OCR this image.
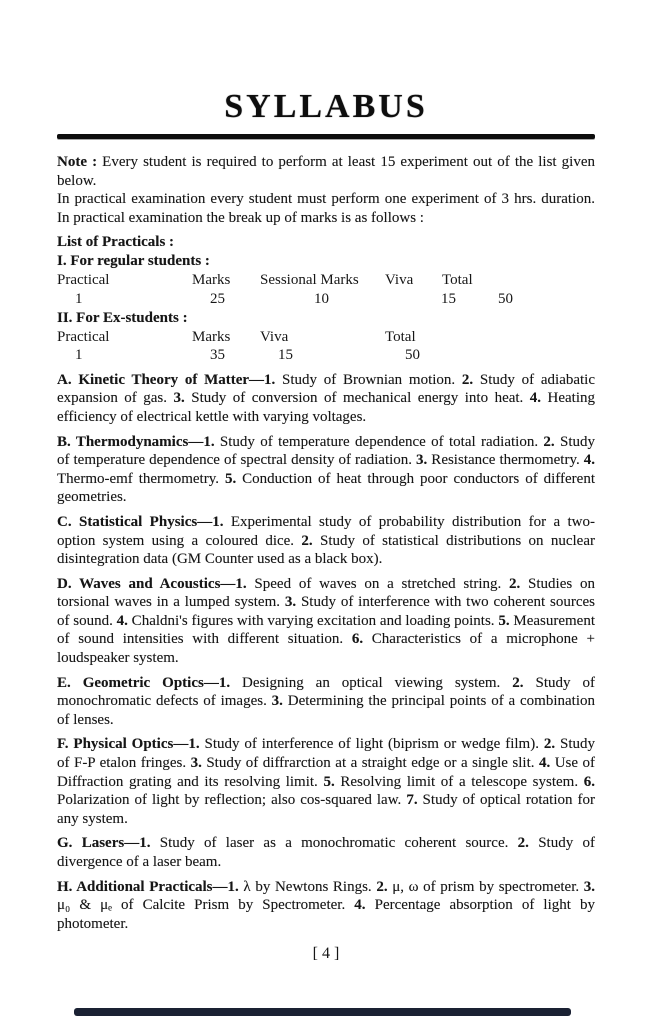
SYLLABUS

Note : Every student is required to perform at least 15 experiment out of the list given below.

In practical examination every student must perform one experiment of 3 hrs. duration. In practical examination the break up of marks is as follows :

List of Practicals :
I. For regular students :
Practical	Marks	Sessional Marks	Viva	Total
1	25	10	15	50
II. For Ex-students :
Practical	Marks	Viva	Total
1	35	15	50

A. Kinetic Theory of Matter—1. Study of Brownian motion. 2. Study of adiabatic expansion of gas. 3. Study of conversion of mechanical energy into heat. 4. Heating efficiency of electrical kettle with varying voltages.

B. Thermodynamics—1. Study of temperature dependence of total radiation. 2. Study of temperature dependence of spectral density of radiation. 3. Resistance thermometry. 4. Thermo-emf thermometry. 5. Conduction of heat through poor conductors of different geometries.

C. Statistical Physics—1. Experimental study of probability distribution for a two-option system using a coloured dice. 2. Study of statistical distributions on nuclear disintegration data (GM Counter used as a black box).

D. Waves and Acoustics—1. Speed of waves on a stretched string. 2. Studies on torsional waves in a lumped system. 3. Study of interference with two coherent sources of sound. 4. Chaldni's figures with varying excitation and loading points. 5. Measurement of sound intensities with different situation. 6. Characteristics of a microphone + loudspeaker system.

E. Geometric Optics—1. Designing an optical viewing system. 2. Study of monochromatic defects of images. 3. Determining the principal points of a combination of lenses.

F. Physical Optics—1. Study of interference of light (biprism or wedge film). 2. Study of F-P etalon fringes. 3. Study of diffrarction at a straight edge or a single slit. 4. Use of Diffraction grating and its resolving limit. 5. Resolving limit of a telescope system. 6. Polarization of light by reflection; also cos-squared law. 7. Study of optical rotation for any system.

G. Lasers—1. Study of laser as a monochromatic coherent source. 2. Study of divergence of a laser beam.

H. Additional Practicals—1. λ by Newtons Rings. 2. μ, ω of prism by spectrometer. 3. μ₀ & μₑ of Calcite Prism by Spectrometer. 4. Percentage absorption of light by photometer.

[ 4 ]
